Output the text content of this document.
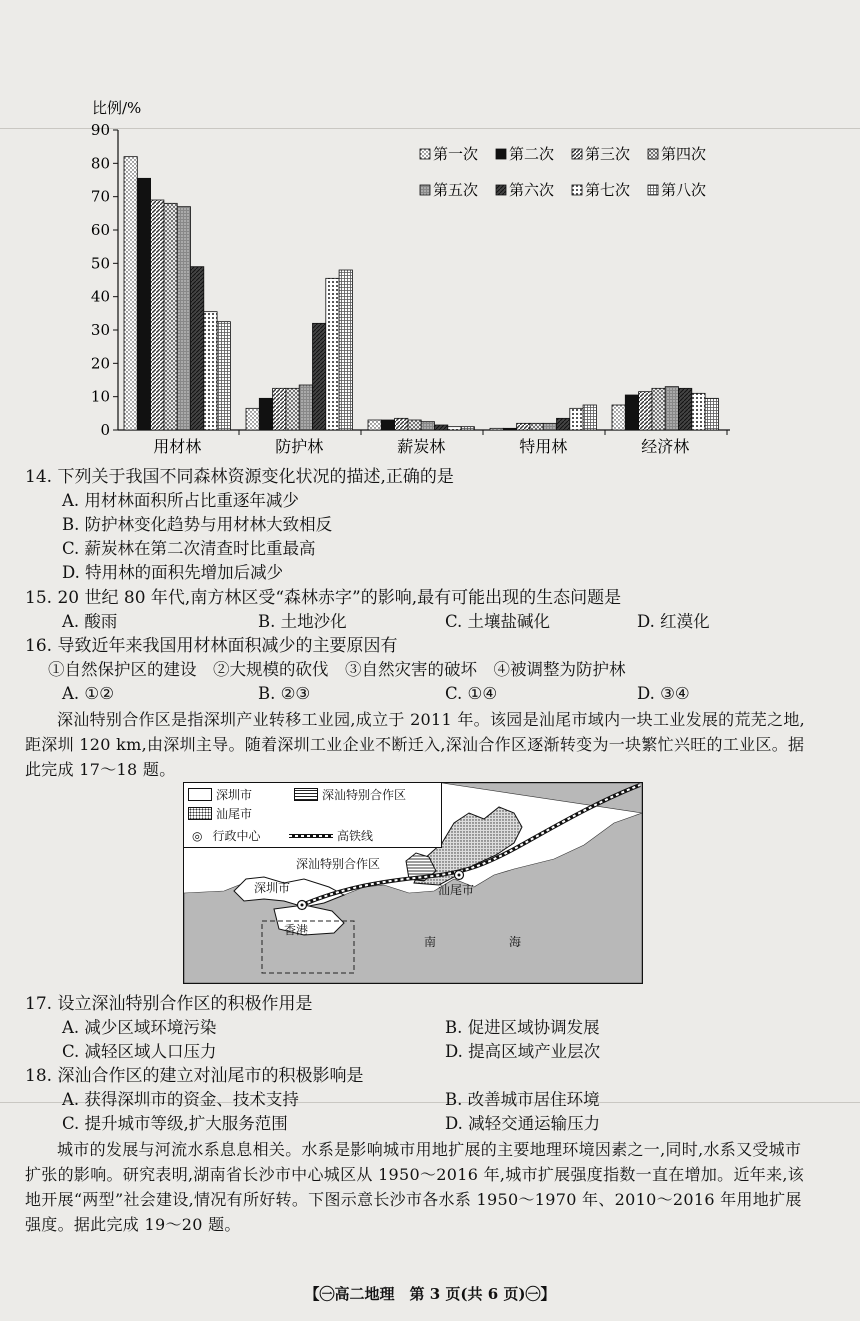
比例/%
0
10
20
30
40
50
60
70
80
90
用材林	防护林	薪炭林	特用林	经济林
第一次 第二次 第三次 第四次
第五次 第六次 第七次 第八次
14. 下列关于我国不同森林资源变化状况的描述,正确的是
A. 用材林面积所占比重逐年减少
B. 防护林变化趋势与用材林大致相反
C. 薪炭林在第二次清查时比重最高
D. 特用林的面积先增加后减少
15. 20 世纪 80 年代,南方林区受“森林赤字”的影响,最有可能出现的生态问题是
A. 酸雨	B. 土地沙化	C. 土壤盐碱化	D. 红漠化
16. 导致近年来我国用材林面积减少的主要原因有
①自然保护区的建设　②大规模的砍伐　③自然灾害的破坏　④被调整为防护林
A. ①②	B. ②③	C. ①④	D. ③④
深汕特别合作区是指深圳产业转移工业园,成立于 2011 年。该园是汕尾市域内一块工业发展的荒芜之地,距深圳 120 km,由深圳主导。随着深圳工业企业不断迁入,深汕合作区逐渐转变为一块繁忙兴旺的工业区。据此完成 17～18 题。
深圳市	深汕特别合作区
汕尾市
◎ 行政中心	高铁线
深汕特别合作区
深圳市	汕尾市
香港
南	海
17. 设立深汕特别合作区的积极作用是
A. 减少区域环境污染	B. 促进区域协调发展
C. 减轻区域人口压力	D. 提高区域产业层次
18. 深汕合作区的建立对汕尾市的积极影响是
A. 获得深圳市的资金、技术支持	B. 改善城市居住环境
C. 提升城市等级,扩大服务范围	D. 减轻交通运输压力
城市的发展与河流水系息息相关。水系是影响城市用地扩展的主要地理环境因素之一,同时,水系又受城市扩张的影响。研究表明,湖南省长沙市中心城区从 1950～2016 年,城市扩展强度指数一直在增加。近年来,该地开展“两型”社会建设,情况有所好转。下图示意长沙市各水系 1950～1970 年、2010～2016 年用地扩展强度。据此完成 19～20 题。
【㊀高二地理　第 3 页(共 6 页)㊀】
